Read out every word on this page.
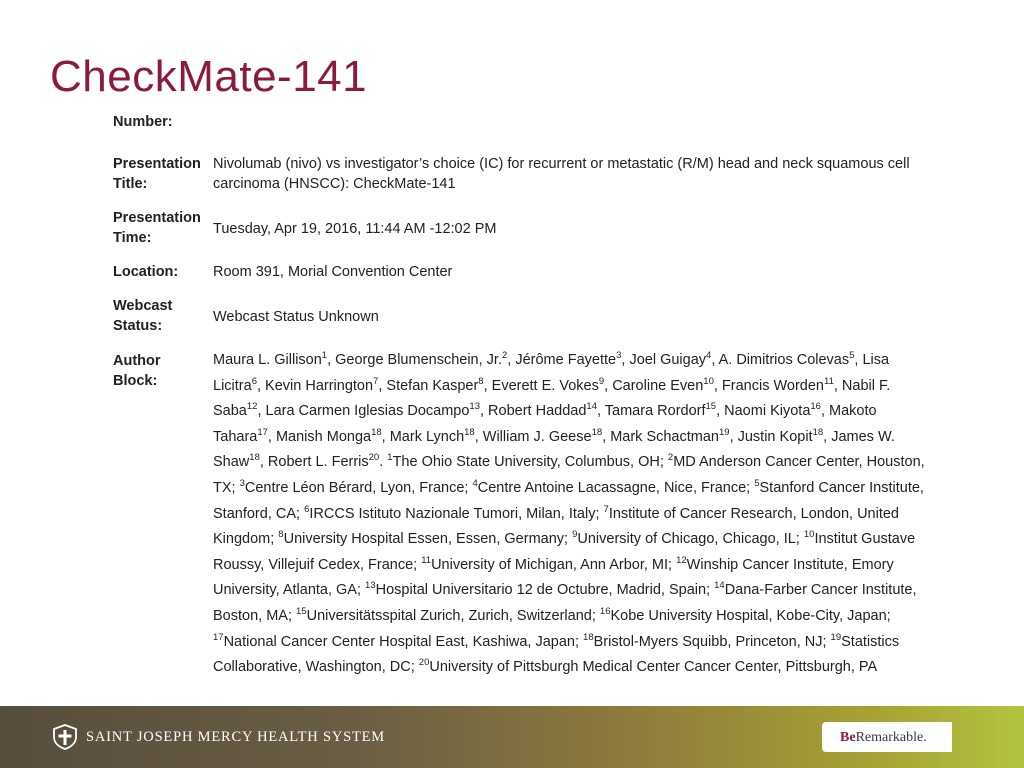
CheckMate-141
Number:
Presentation
Title:
Nivolumab (nivo) vs investigator’s choice (IC) for recurrent or metastatic (R/M) head and neck squamous cell carcinoma (HNSCC): CheckMate-141
Presentation
Time:
Tuesday, Apr 19, 2016, 11:44 AM -12:02 PM
Location:	Room 391, Morial Convention Center
Webcast
Status:
Webcast Status Unknown
Author
Block:
Maura L. Gillison$^1$, George Blumenschein, Jr.$^2$, Jérôme Fayette$^3$, Joel Guigay$^4$, A. Dimitrios Colevas$^5$, Lisa Licitra$^6$, Kevin Harrington$^7$, Stefan Kasper$^8$, Everett E. Vokes$^9$, Caroline Even$^{10}$, Francis Worden$^{11}$, Nabil F. Saba$^{12}$, Lara Carmen Iglesias Docampo$^{13}$, Robert Haddad$^{14}$, Tamara Rordorf$^{15}$, Naomi Kiyota$^{16}$, Makoto Tahara$^{17}$, Manish Monga$^{18}$, Mark Lynch$^{18}$, William J. Geese$^{18}$, Mark Schactman$^{19}$, Justin Kopit$^{18}$, James W. Shaw$^{18}$, Robert L. Ferris$^{20}$. $^1$The Ohio State University, Columbus, OH; $^2$MD Anderson Cancer Center, Houston, TX; $^3$Centre Léon Bérard, Lyon, France; $^4$Centre Antoine Lacassagne, Nice, France; $^5$Stanford Cancer Institute, Stanford, CA; $^6$IRCCS Istituto Nazionale Tumori, Milan, Italy; $^7$Institute of Cancer Research, London, United Kingdom; $^8$University Hospital Essen, Essen, Germany; $^9$University of Chicago, Chicago, IL; $^{10}$Institut Gustave Roussy, Villejuif Cedex, France; $^{11}$University of Michigan, Ann Arbor, MI; $^{12}$Winship Cancer Institute, Emory University, Atlanta, GA; $^{13}$Hospital Universitario 12 de Octubre, Madrid, Spain; $^{14}$Dana-Farber Cancer Institute, Boston, MA; $^{15}$Universitätsspital Zurich, Zurich, Switzerland; $^{16}$Kobe University Hospital, Kobe-City, Japan; $^{17}$National Cancer Center Hospital East, Kashiwa, Japan; $^{18}$Bristol-Myers Squibb, Princeton, NJ; $^{19}$Statistics Collaborative, Washington, DC; $^{20}$University of Pittsburgh Medical Center Cancer Center, Pittsburgh, PA
SAINT JOSEPH MERCY HEALTH SYSTEM	BeRemarkable.
